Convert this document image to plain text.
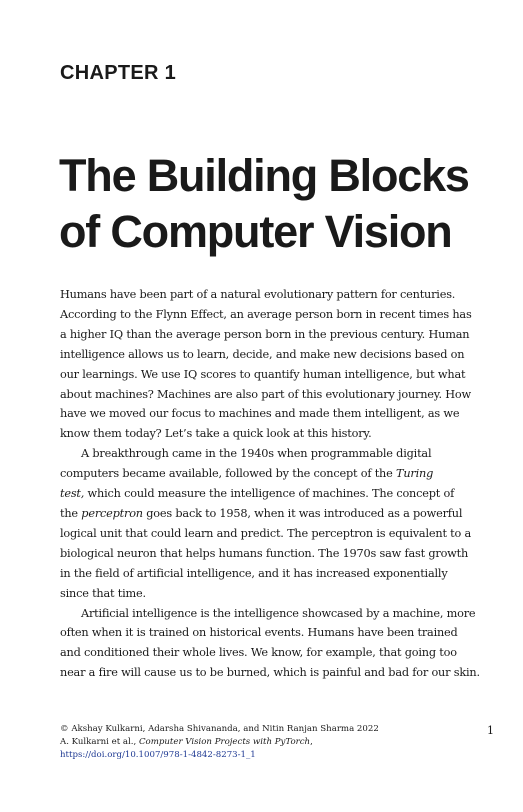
CHAPTER 1
The Building Blocks
of Computer Vision
Humans have been part of a natural evolutionary pattern for centuries.
According to the Flynn Effect, an average person born in recent times has
a higher IQ than the average person born in the previous century. Human
intelligence allows us to learn, decide, and make new decisions based on
our learnings. We use IQ scores to quantify human intelligence, but what
about machines? Machines are also part of this evolutionary journey. How
have we moved our focus to machines and made them intelligent, as we
know them today? Let’s take a quick look at this history.
A breakthrough came in the 1940s when programmable digital
computers became available, followed by the concept of the Turing
test, which could measure the intelligence of machines. The concept of
the perceptron goes back to 1958, when it was introduced as a powerful
logical unit that could learn and predict. The perceptron is equivalent to a
biological neuron that helps humans function. The 1970s saw fast growth
in the field of artificial intelligence, and it has increased exponentially
since that time.
Artificial intelligence is the intelligence showcased by a machine, more
often when it is trained on historical events. Humans have been trained
and conditioned their whole lives. We know, for example, that going too
near a fire will cause us to be burned, which is painful and bad for our skin.
© Akshay Kulkarni, Adarsha Shivananda, and Nitin Ranjan Sharma 2022
A. Kulkarni et al., Computer Vision Projects with PyTorch,
https://doi.org/10.1007/978-1-4842-8273-1_1
1
